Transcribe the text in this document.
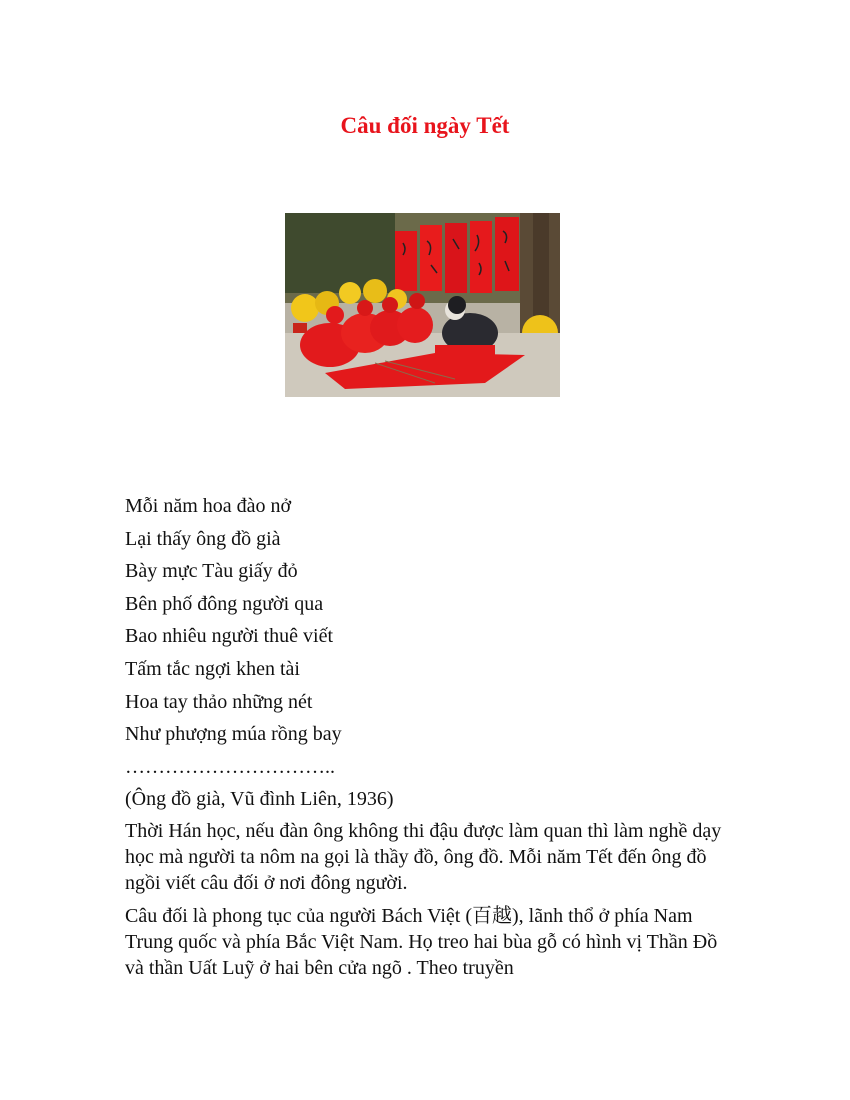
Câu đối ngày Tết
Mỗi năm hoa đào nở
Lại thấy ông đồ già
Bày mực Tàu giấy đỏ
Bên phố đông người qua
Bao nhiêu người thuê viết
Tấm tắc ngợi khen tài
Hoa tay thảo những nét
Như phượng múa rồng bay
…………………………..
(Ông đồ già, Vũ đình Liên, 1936)

Thời Hán học, nếu đàn ông không thi đậu được làm quan thì làm nghề dạy học mà người ta nôm na gọi là thầy đồ, ông đồ. Mỗi năm Tết đến ông đồ ngồi viết câu đối ở nơi đông người.

Câu đối là phong tục của người Bách Việt (百越), lãnh thổ ở phía Nam Trung quốc và phía Bắc Việt Nam. Họ treo hai bùa gỗ có hình vị Thần Đồ và thần Uất Luỹ ở hai bên cửa ngõ . Theo truyền
